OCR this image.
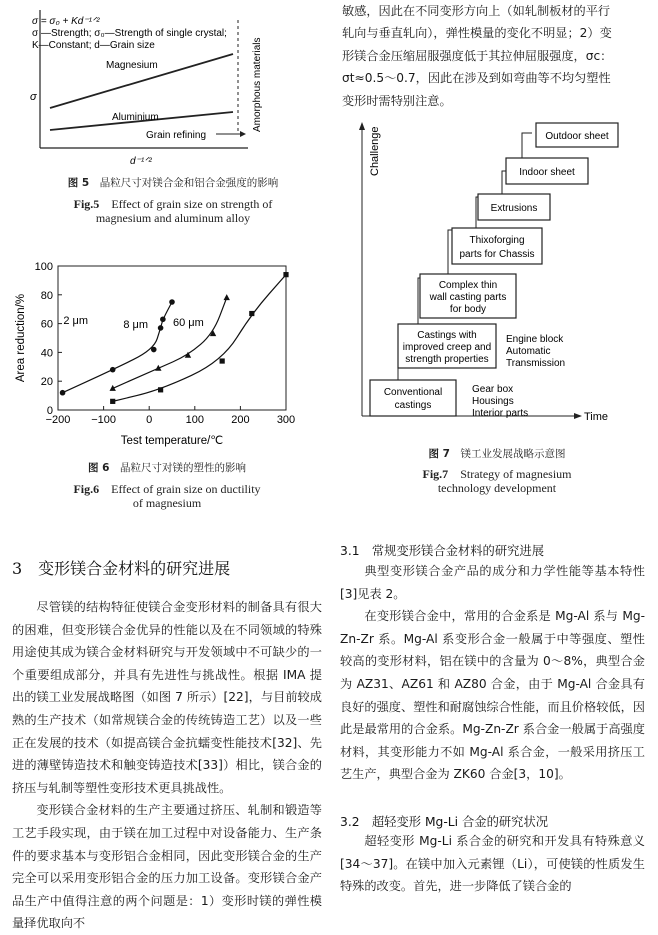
σ = σ₀ + Kd⁻¹ᐟ²
σ —Strength; σ₀—Strength of single crystal;
K—Constant; d—Grain size
σ
Magnesium
Aluminium	Amorphous materials
Grain refining
d⁻¹ᐟ²
图 5　 晶粒尺寸对镁合金和铝合金强度的影响
Fig.5　 Effect of grain size on strength of
magnesium and aluminum alloy
−200 −100	0	100 200 300
0
20
40
60
80
100
Test temperature/℃
Area reduction/%	2 μm	8 μm 60 μm
图 6　 晶粒尺寸对镁的塑性的影响
Fig.6　 Effect of grain size on ductility
of magnesium
敏感，因此在不同变形方向上（如轧制板材的平行
轧向与垂直轧向），弹性模量的变化不明显；2）变
形镁合金压缩屈服强度低于其拉伸屈服强度，σc：
σt≈0.5～0.7，因此在涉及到如弯曲等不均匀塑性
变形时需特别注意。
Challenge
Time
Outdoor sheet
Indoor sheet
Extrusions
Thixoforging
parts for Chassis
Complex thin
wall casting parts
for body
Castings with
improved creep and
strength properties
Conventional
castings
Engine block
Automatic
Transmission
Gear box
Housings
Interior parts
图 7　 镁工业发展战略示意图
Fig.7　 Strategy of magnesium
technology development
3　变形镁合金材料的研究进展

尽管镁的结构特征使镁合金变形材料的制备具有很大的困难，但变形镁合金优异的性能以及在不同领域的特殊用途使其成为镁合金材料研究与开发领域中不可缺少的一个重要组成部分，并具有先进性与挑战性。根据 IMA 提出的镁工业发展战略图（如图 7 所示）[22]，与目前较成熟的生产技术（如常规镁合金的传统铸造工艺）以及一些正在发展的技术（如提高镁合金抗蠕变性能技术[32]、先进的薄壁铸造技术和触变铸造技术[33]）相比，镁合金的挤压与轧制等塑性变形技术更具挑战性。

变形镁合金材料的生产主要通过挤压、轧制和锻造等工艺手段实现，由于镁在加工过程中对设备能力、生产条件的要求基本与变形铝合金相同，因此变形镁合金的生产完全可以采用变形铝合金的压力加工设备。变形镁合金产品生产中值得注意的两个问题是：1）变形时镁的弹性模量择优取向不

3.1　常规变形镁合金材料的研究进展

典型变形镁合金产品的成分和力学性能等基本特性[3]见表 2。

在变形镁合金中，常用的合金系是 Mg-Al 系与 Mg-Zn-Zr 系。Mg-Al 系变形合金一般属于中等强度、塑性较高的变形材料，铝在镁中的含量为 0～8%，典型合金为 AZ31、AZ61 和 AZ80 合金，由于 Mg-Al 合金具有良好的强度、塑性和耐腐蚀综合性能，而且价格较低，因此是最常用的合金系。Mg-Zn-Zr 系合金一般属于高强度材料，其变形能力不如 Mg-Al 系合金，一般采用挤压工艺生产，典型合金为 ZK60 合金[3，10]。

3.2　超轻变形 Mg-Li 合金的研究状况

超轻变形 Mg-Li 系合金的研究和开发具有特殊意义[34～37]。在镁中加入元素锂（Li），可使镁的性质发生特殊的改变。首先，进一步降低了镁合金的
